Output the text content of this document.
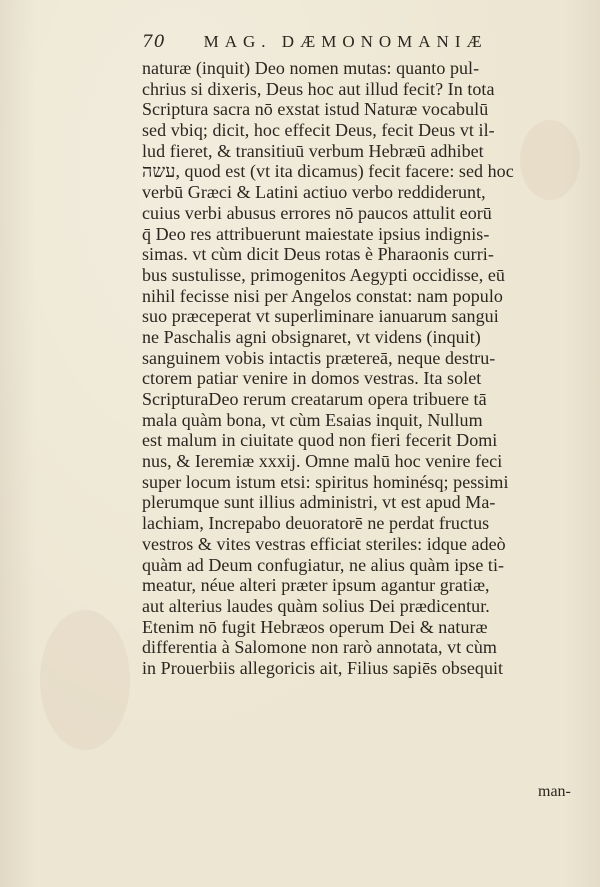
70 MAG. DÆMONOMANIÆ
naturæ (inquit) Deo nomen mutas: quanto pul-
chrius si dixeris, Deus hoc aut illud fecit? In tota
Scriptura sacra nō exstat istud Naturæ vocabulū
sed vbiq; dicit, hoc effecit Deus, fecit Deus vt il-
lud fieret, & transitiuū verbum Hebræū adhibet
עשה, quod est (vt ita dicamus) fecit facere: sed hoc
verbū Græci & Latini actiuo verbo reddiderunt,
cuius verbi abusus errores nō paucos attulit eorū
q̄ Deo res attribuerunt maiestate ipsius indignis-
simas. vt cùm dicit Deus rotas è Pharaonis curri-
bus sustulisse, primogenitos Aegypti occidisse, eū
nihil fecisse nisi per Angelos constat: nam populo
suo præceperat vt superliminare ianuarum sangui
ne Paschalis agni obsignaret, vt videns (inquit)
sanguinem vobis intactis prætereā, neque destru-
ctorem patiar venire in domos vestras. Ita solet
ScripturaDeo rerum creatarum opera tribuere tā
mala quàm bona, vt cùm Esaias inquit, Nullum
est malum in ciuitate quod non fieri fecerit Domi
nus, & Ieremiæ xxxij. Omne malū hoc venire feci
super locum istum etsi: spiritus hominésq; pessimi
plerumque sunt illius administri, vt est apud Ma-
lachiam, Increpabo deuoratorē ne perdat fructus
vestros & vites vestras efficiat steriles: idque adeò
quàm ad Deum confugiatur, ne alius quàm ipse ti-
meatur, néue alteri præter ipsum agantur gratiæ,
aut alterius laudes quàm solius Dei prædicentur.
Etenim nō fugit Hebræos operum Dei & naturæ
differentia à Salomone non rarò annotata, vt cùm
in Prouerbiis allegoricis ait, Filius sapiēs obsequit
man-
